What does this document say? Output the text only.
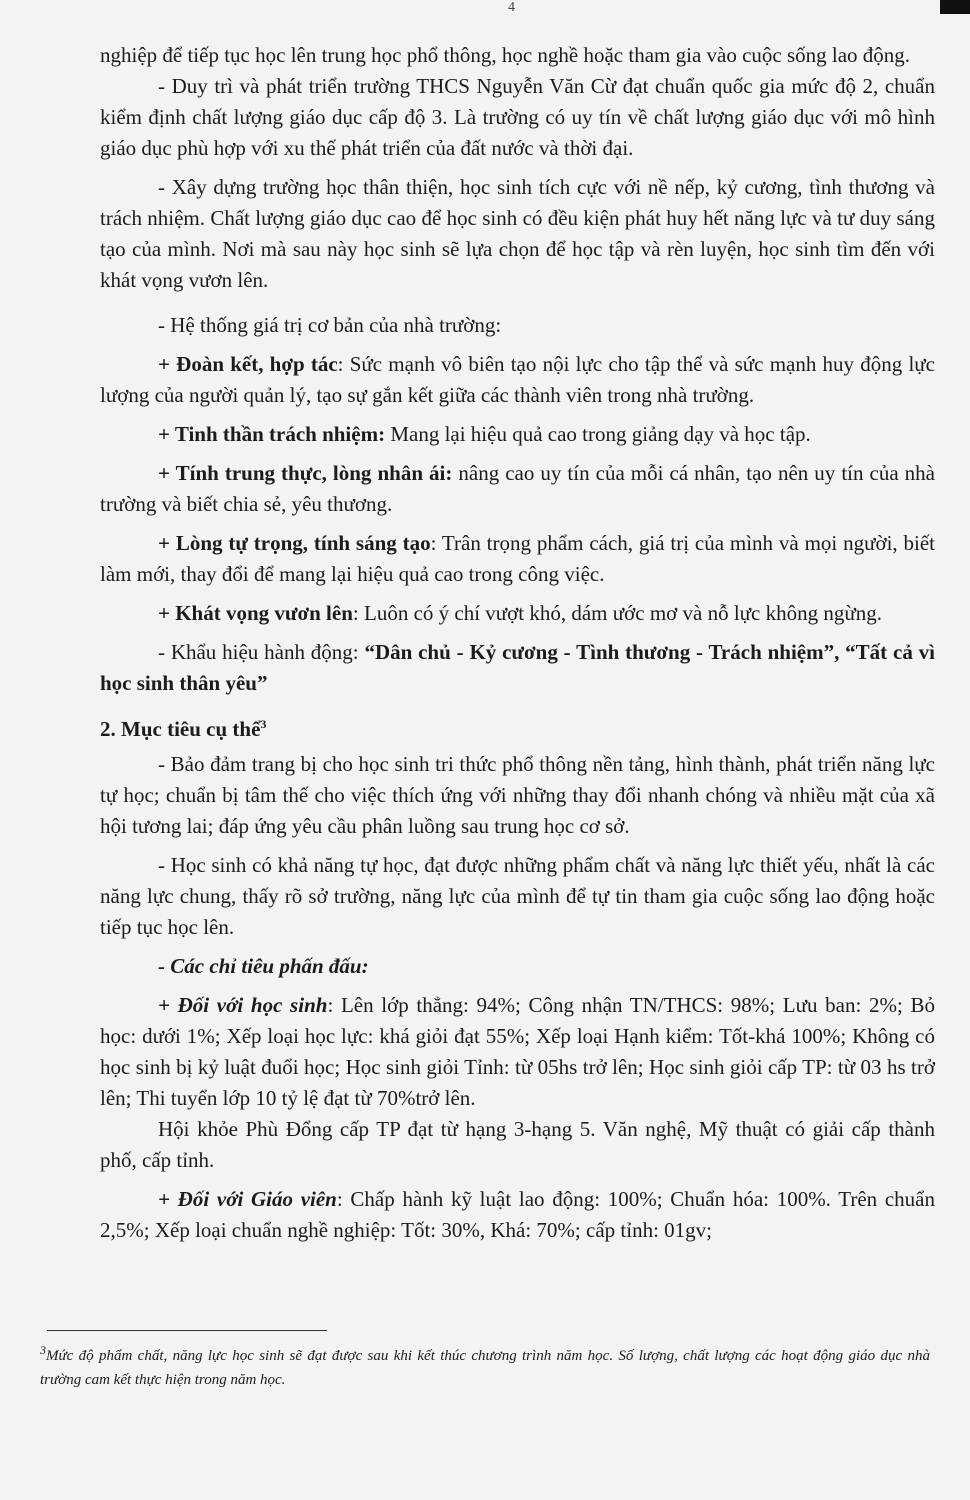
4

nghiệp để tiếp tục học lên trung học phổ thông, học nghề hoặc tham gia vào cuộc sống lao động.

- Duy trì và phát triển trường THCS Nguyễn Văn Cừ đạt chuẩn quốc gia mức độ 2, chuẩn kiểm định chất lượng giáo dục cấp độ 3. Là trường có uy tín về chất lượng giáo dục với mô hình giáo dục phù hợp với xu thế phát triển của đất nước và thời đại.

- Xây dựng trường học thân thiện, học sinh tích cực với nề nếp, kỷ cương, tình thương và trách nhiệm. Chất lượng giáo dục cao để học sinh có đều kiện phát huy hết năng lực và tư duy sáng tạo của mình. Nơi mà sau này học sinh sẽ lựa chọn để học tập và rèn luyện, học sinh tìm đến với khát vọng vươn lên.

- Hệ thống giá trị cơ bản của nhà trường:

+ Đoàn kết, hợp tác: Sức mạnh vô biên tạo nội lực cho tập thể và sức mạnh huy động lực lượng của người quản lý, tạo sự gắn kết giữa các thành viên trong nhà trường.

+ Tinh thần trách nhiệm: Mang lại hiệu quả cao trong giảng dạy và học tập.

+ Tính trung thực, lòng nhân ái: nâng cao uy tín của mỗi cá nhân, tạo nên uy tín của nhà trường và biết chia sẻ, yêu thương.

+ Lòng tự trọng, tính sáng tạo: Trân trọng phẩm cách, giá trị của mình và mọi người, biết làm mới, thay đổi để mang lại hiệu quả cao trong công việc.

+ Khát vọng vươn lên: Luôn có ý chí vượt khó, dám ước mơ và nỗ lực không ngừng.

- Khẩu hiệu hành động: “Dân chủ - Kỷ cương - Tình thương - Trách nhiệm”, “Tất cả vì học sinh thân yêu”

2. Mục tiêu cụ thể$^3$

- Bảo đảm trang bị cho học sinh tri thức phổ thông nền tảng, hình thành, phát triển năng lực tự học; chuẩn bị tâm thế cho việc thích ứng với những thay đổi nhanh chóng và nhiều mặt của xã hội tương lai; đáp ứng yêu cầu phân luồng sau trung học cơ sở.

- Học sinh có khả năng tự học, đạt được những phẩm chất và năng lực thiết yếu, nhất là các năng lực chung, thấy rõ sở trường, năng lực của mình để tự tin tham gia cuộc sống lao động hoặc tiếp tục học lên.

- Các chỉ tiêu phấn đấu:

+ Đối với học sinh: Lên lớp thẳng: 94%; Công nhận TN/THCS: 98%; Lưu ban: 2%; Bỏ học: dưới 1%; Xếp loại học lực: khá giỏi đạt 55%; Xếp loại Hạnh kiểm: Tốt-khá 100%; Không có học sinh bị kỷ luật đuổi học; Học sinh giỏi Tỉnh: từ 05hs trở lên; Học sinh giỏi cấp TP: từ 03 hs trở lên; Thi tuyển lớp 10 tỷ lệ đạt từ 70%trở lên.

Hội khỏe Phù Đổng cấp TP đạt từ hạng 3-hạng 5. Văn nghệ, Mỹ thuật có giải cấp thành phố, cấp tỉnh.

+ Đối với Giáo viên: Chấp hành kỹ luật lao động: 100%; Chuẩn hóa: 100%. Trên chuẩn 2,5%; Xếp loại chuẩn nghề nghiệp: Tốt: 30%, Khá: 70%; cấp tỉnh: 01gv;

$^3$Mức độ phẩm chất, năng lực học sinh sẽ đạt được sau khi kết thúc chương trình năm học. Số lượng, chất lượng các hoạt động giáo dục nhà trường cam kết thực hiện trong năm học.
